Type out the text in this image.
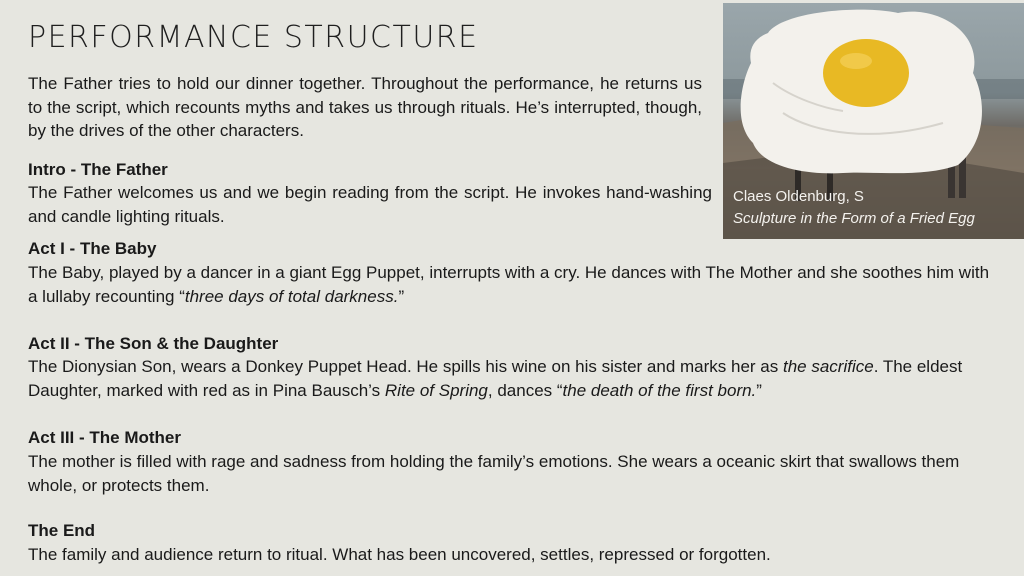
PERFORMANCE STRUCTURE
The Father tries to hold our dinner together. Throughout the performance, he returns us to the script, which recounts myths and takes us through rituals. He’s interrupted, though, by the drives of the other characters.
Intro - The Father
The Father welcomes us and we begin reading from the script. He invokes hand-washing and candle lighting rituals.
Act I - The Baby
The Baby, played by a dancer in a giant Egg Puppet, interrupts with a cry. He dances with The Mother and she soothes him with a lullaby recounting “three days of total darkness.”
Act II - The Son & the Daughter
The Dionysian Son, wears a Donkey Puppet Head. He spills his wine on his sister and marks her as the sacrifice. The eldest Daughter, marked with red as in Pina Bausch’s Rite of Spring, dances “the death of the first born.”
Act III - The Mother
The mother is filled with rage and sadness from holding the family’s emotions. She wears a oceanic skirt that swallows them whole, or protects them.
The End
The family and audience return to ritual. What has been uncovered, settles, repressed or forgotten.
Claes Oldenburg, S
Sculpture in the Form of a Fried Egg
